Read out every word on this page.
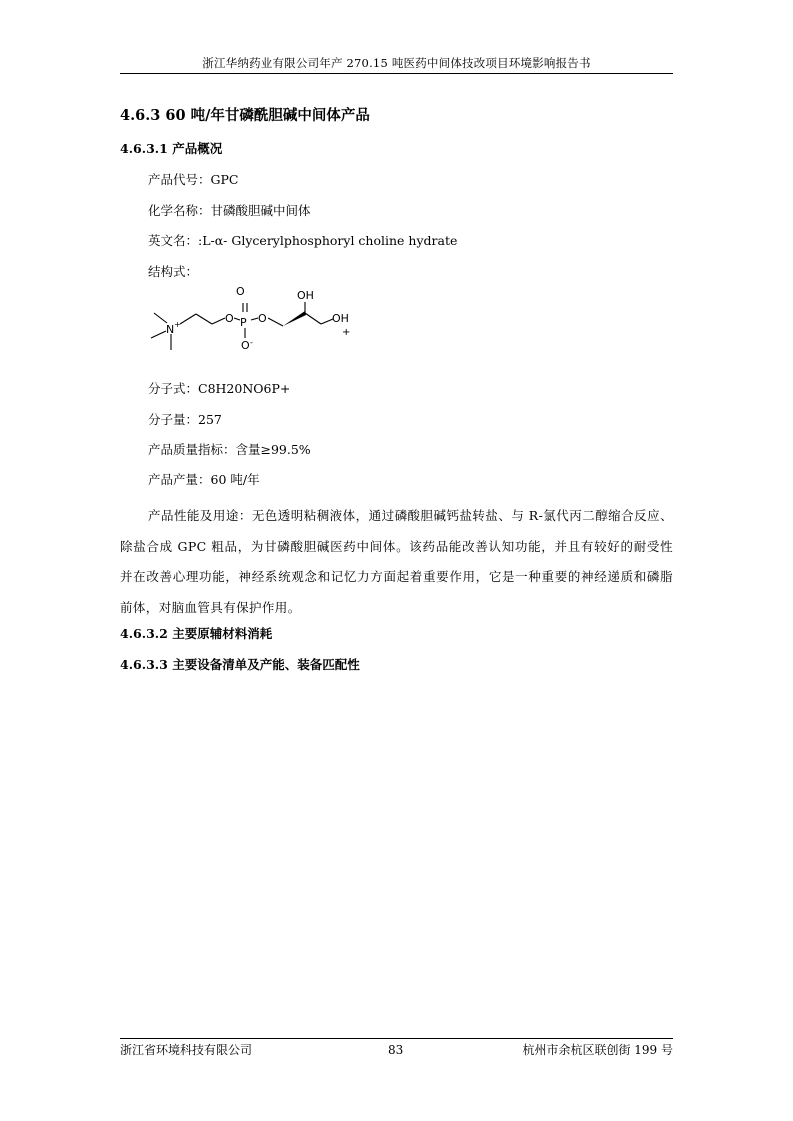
浙江华纳药业有限公司年产 270.15 吨医药中间体技改项目环境影响报告书
4.6.3 60 吨/年甘磷酰胆碱中间体产品
4.6.3.1 产品概况
产品代号：GPC
化学名称：甘磷酸胆碱中间体
英文名：:L-α- Glycerylphosphoryl choline hydrate
结构式：
O
P
O O
O -
N +
OH
OH
+
分子式：C8H20NO6P+
分子量：257
产品质量指标：含量≥99.5%
产品产量：60 吨/年

产品性能及用途：无色透明粘稠液体，通过磷酸胆碱钙盐转盐、与 R-氯代丙二醇缩合反应、除盐合成 GPC 粗品，为甘磷酸胆碱医药中间体。该药品能改善认知功能，并且有较好的耐受性并在改善心理功能，神经系统观念和记忆力方面起着重要作用，它是一种重要的神经递质和磷脂前体，对脑血管具有保护作用。

4.6.3.2 主要原辅材料消耗
4.6.3.3 主要设备清单及产能、装备匹配性
浙江省环境科技有限公司	83	杭州市余杭区联创街 199 号
